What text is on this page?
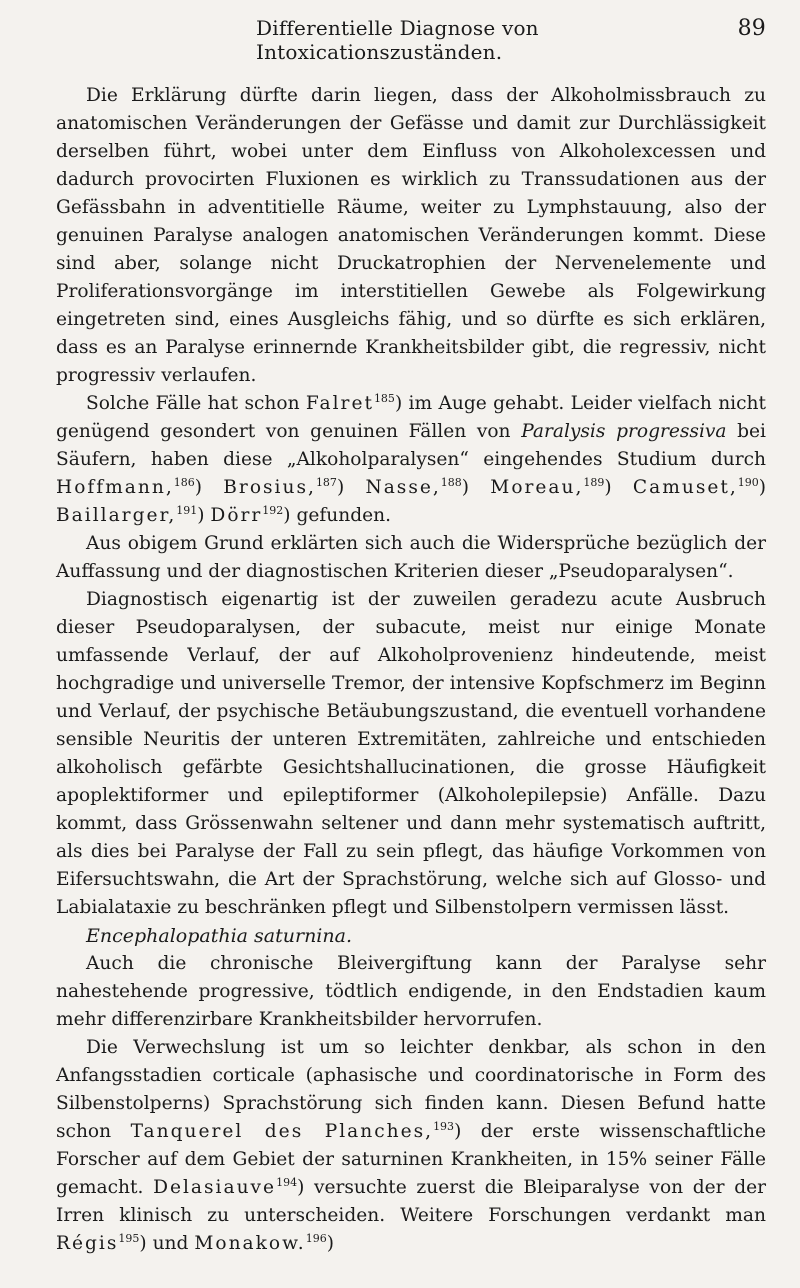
Differentielle Diagnose von Intoxicationszuständen.
89

Die Erklärung dürfte darin liegen, dass der Alkoholmissbrauch zu anatomischen Veränderungen der Gefässe und damit zur Durchlässigkeit derselben führt, wobei unter dem Einfluss von Alkoholexcessen und dadurch provocirten Fluxionen es wirklich zu Transsudationen aus der Gefässbahn in adventitielle Räume, weiter zu Lymphstauung, also der genuinen Paralyse analogen anatomischen Veränderungen kommt. Diese sind aber, solange nicht Druckatrophien der Nervenelemente und Proliferationsvorgänge im interstitiellen Gewebe als Folgewirkung eingetreten sind, eines Ausgleichs fähig, und so dürfte es sich erklären, dass es an Paralyse erinnernde Krankheitsbilder gibt, die regressiv, nicht progressiv verlaufen.

Solche Fälle hat schon Falret$^{185}$) im Auge gehabt. Leider vielfach nicht genügend gesondert von genuinen Fällen von Paralysis progressiva bei Säufern, haben diese „Alkoholparalysen“ eingehendes Studium durch Hoffmann,$^{186}$) Brosius,$^{187}$) Nasse,$^{188}$) Moreau,$^{189}$) Camuset,$^{190}$) Baillarger,$^{191}$) Dörr$^{192}$) gefunden.

Aus obigem Grund erklärten sich auch die Widersprüche bezüglich der Auffassung und der diagnostischen Kriterien dieser „Pseudoparalysen“.

Diagnostisch eigenartig ist der zuweilen geradezu acute Ausbruch dieser Pseudoparalysen, der subacute, meist nur einige Monate umfassende Verlauf, der auf Alkoholprovenienz hindeutende, meist hochgradige und universelle Tremor, der intensive Kopfschmerz im Beginn und Verlauf, der psychische Betäubungszustand, die eventuell vorhandene sensible Neuritis der unteren Extremitäten, zahlreiche und entschieden alkoholisch gefärbte Gesichtshallucinationen, die grosse Häufigkeit apoplektiformer und epileptiformer (Alkoholepilepsie) Anfälle. Dazu kommt, dass Grössenwahn seltener und dann mehr systematisch auftritt, als dies bei Paralyse der Fall zu sein pflegt, das häufige Vorkommen von Eifersuchtswahn, die Art der Sprachstörung, welche sich auf Glosso- und Labialataxie zu beschränken pflegt und Silbenstolpern vermissen lässt.

Encephalopathia saturnina.

Auch die chronische Bleivergiftung kann der Paralyse sehr nahestehende progressive, tödtlich endigende, in den Endstadien kaum mehr differenzirbare Krankheitsbilder hervorrufen.

Die Verwechslung ist um so leichter denkbar, als schon in den Anfangsstadien corticale (aphasische und coordinatorische in Form des Silbenstolperns) Sprachstörung sich finden kann. Diesen Befund hatte schon Tanquerel des Planches,$^{193}$) der erste wissenschaftliche Forscher auf dem Gebiet der saturninen Krankheiten, in 15% seiner Fälle gemacht. Delasiauve$^{194}$) versuchte zuerst die Bleiparalyse von der der Irren klinisch zu unterscheiden. Weitere Forschungen verdankt man Régis$^{195}$) und Monakow.$^{196}$)
